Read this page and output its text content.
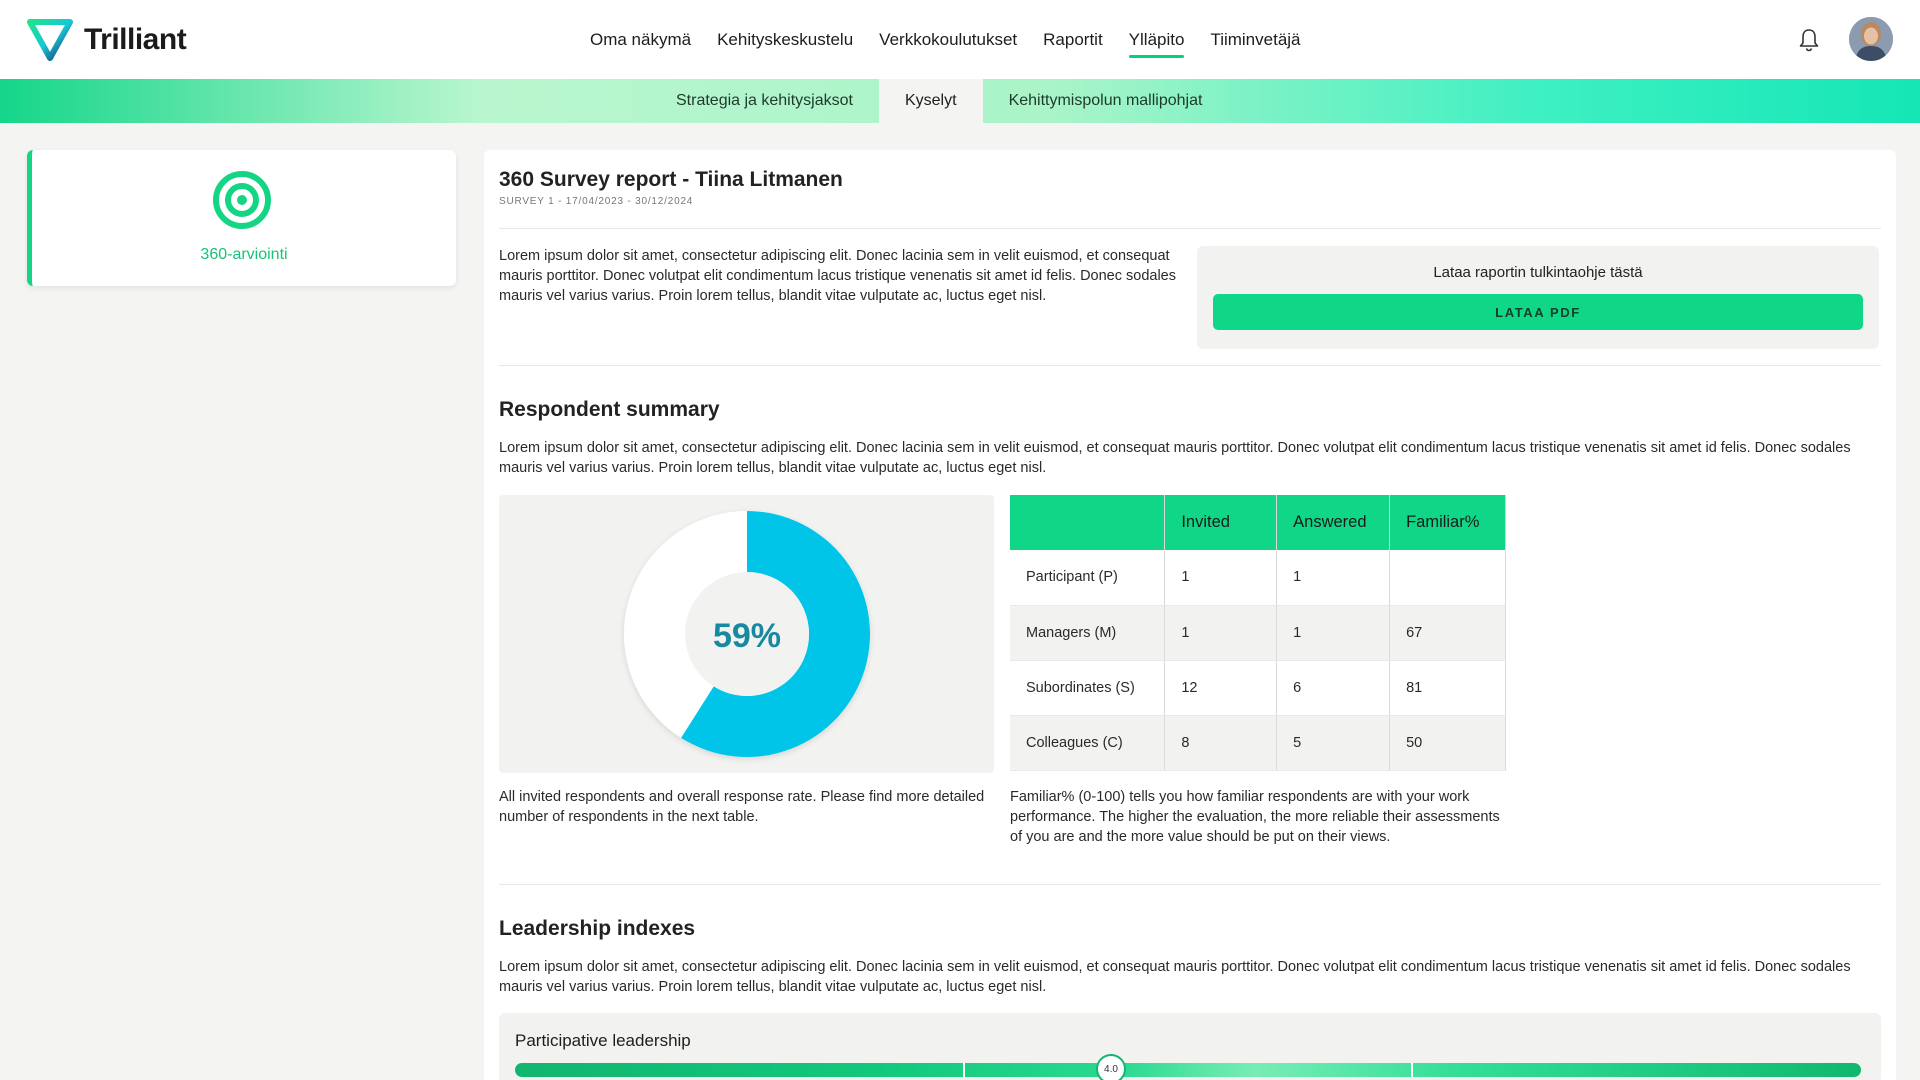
Trilliant	Oma näkymä Kehityskeskustelu Verkkokoulutukset Raportit Ylläpito Tiiminvetäjä
Strategia ja kehitysjaksot	Kyselyt	Kehittymispolun mallipohjat
360-arviointi
360 Survey report - Tiina Litmanen
SURVEY 1 - 17/04/2023 - 30/12/2024
Lorem ipsum dolor sit amet, consectetur adipiscing elit. Donec lacinia sem in velit euismod, et consequat mauris porttitor. Donec volutpat elit condimentum lacus tristique venenatis sit amet id felis. Donec sodales mauris vel varius varius. Proin lorem tellus, blandit vitae vulputate ac, luctus eget nisl.
Lataa raportin tulkintaohje tästä
LATAA PDF
Respondent summary
Lorem ipsum dolor sit amet, consectetur adipiscing elit. Donec lacinia sem in velit euismod, et consequat mauris porttitor. Donec volutpat elit condimentum lacus tristique venenatis sit amet id felis. Donec sodales mauris vel varius varius. Proin lorem tellus, blandit vitae vulputate ac, luctus eget nisl.
59%
	Invited	Answered	Familiar%
Participant (P)	1	1	
Managers (M)	1	1	67
Subordinates (S)	12	6	81
Colleagues (C)	8	5	50
All invited respondents and overall response rate. Please find more detailed number of respondents in the next table.
Familiar% (0-100) tells you how familiar respondents are with your work performance. The higher the evaluation, the more reliable their assessments of you are and the more value should be put on their views.
Leadership indexes
Lorem ipsum dolor sit amet, consectetur adipiscing elit. Donec lacinia sem in velit euismod, et consequat mauris porttitor. Donec volutpat elit condimentum lacus tristique venenatis sit amet id felis. Donec sodales mauris vel varius varius. Proin lorem tellus, blandit vitae vulputate ac, luctus eget nisl.
Participative leadership
4.0
